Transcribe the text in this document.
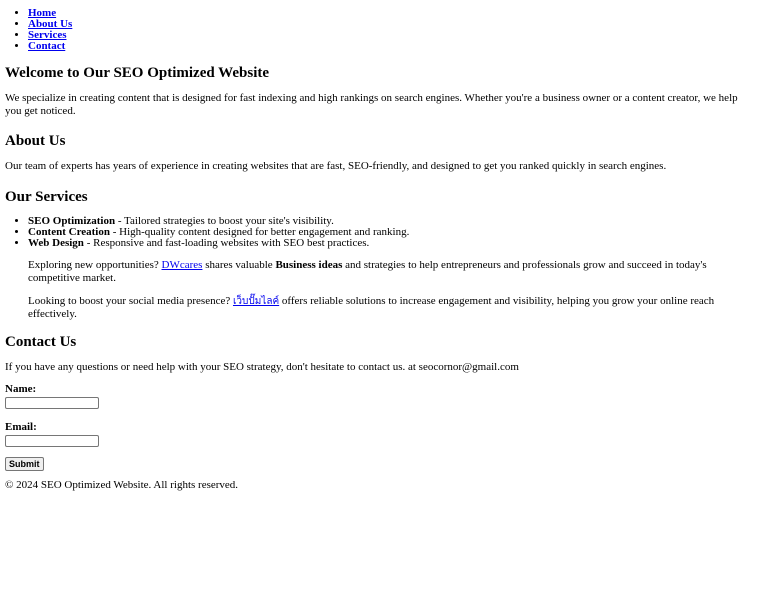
• Home
• About Us
• Services
• Contact
Welcome to Our SEO Optimized Website

We specialize in creating content that is designed for fast indexing and high rankings on search engines. Whether you're a business owner or a content creator, we help you get noticed.

About Us

Our team of experts has years of experience in creating websites that are fast, SEO-friendly, and designed to get you ranked quickly in search engines.

Our Services
• SEO Optimization - Tailored strategies to boost your site's visibility.
• Content Creation - High-quality content designed for better engagement and ranking.
• Web Design - Responsive and fast-loading websites with SEO best practices.

Exploring new opportunities? DWcares shares valuable Business ideas and strategies to help entrepreneurs and professionals grow and succeed in today's competitive market.

Looking to boost your social media presence? เว็บปั๊มไลค์ offers reliable solutions to increase engagement and visibility, helping you grow your online reach effectively.

Contact Us

If you have any questions or need help with your SEO strategy, don't hesitate to contact us. at seocornor@gmail.com

Name:
Email:
Submit

© 2024 SEO Optimized Website. All rights reserved.
